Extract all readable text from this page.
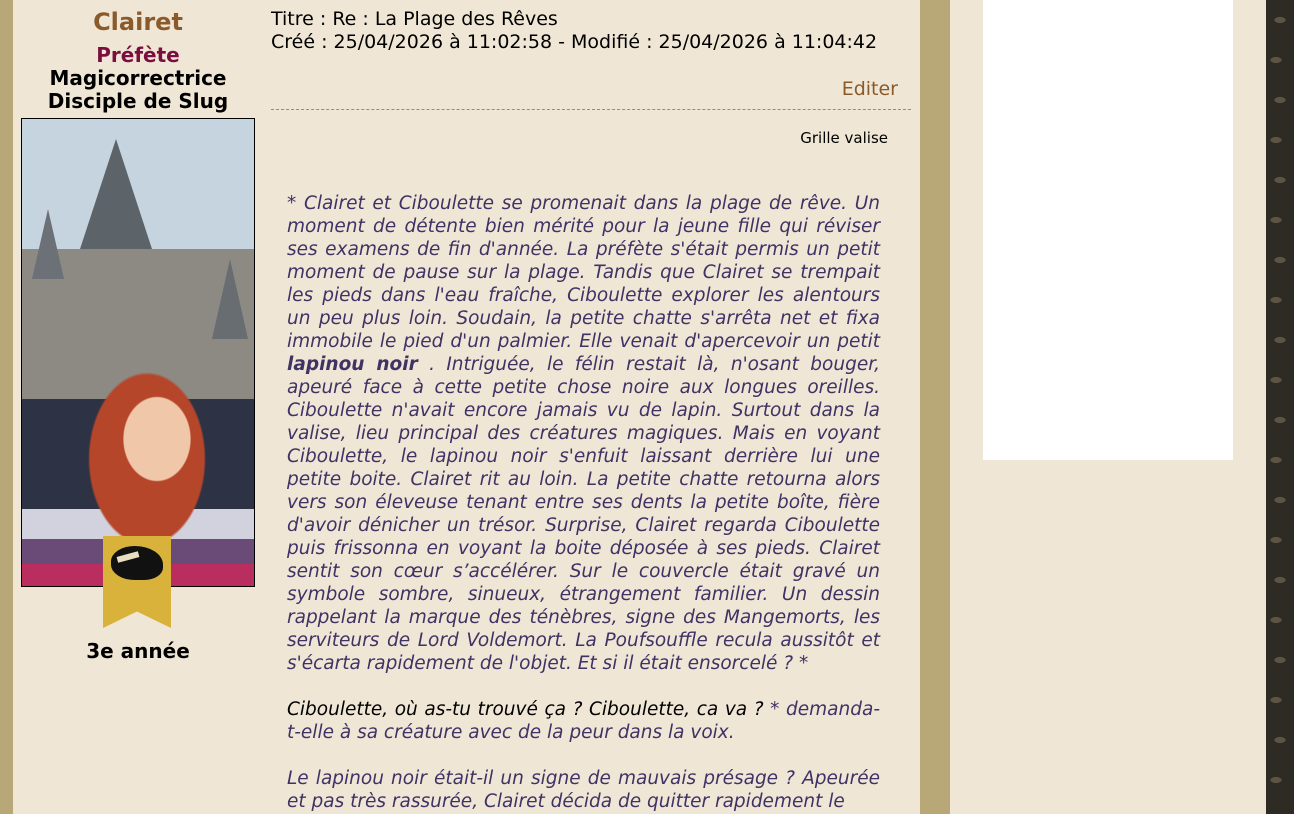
Clairet
Préfète
Magicorrectrice
Disciple de Slug
3e année
Titre : Re : La Plage des Rêves
Créé : 25/04/2026 à 11:02:58 - Modifié : 25/04/2026 à 11:04:42
Editer
Grille valise

* Clairet et Ciboulette se promenait dans la plage de rêve. Un moment de détente bien mérité pour la jeune fille qui réviser ses examens de fin d'année. La préfète s'était permis un petit moment de pause sur la plage. Tandis que Clairet se trempait les pieds dans l'eau fraîche, Ciboulette explorer les alentours un peu plus loin. Soudain, la petite chatte s'arrêta net et fixa immobile le pied d'un palmier. Elle venait d'apercevoir un petit lapinou noir . Intriguée, le félin restait là, n'osant bouger, apeuré face à cette petite chose noire aux longues oreilles. Ciboulette n'avait encore jamais vu de lapin. Surtout dans la valise, lieu principal des créatures magiques. Mais en voyant Ciboulette, le lapinou noir s'enfuit laissant derrière lui une petite boite. Clairet rit au loin. La petite chatte retourna alors vers son éleveuse tenant entre ses dents la petite boîte, fière d'avoir dénicher un trésor. Surprise, Clairet regarda Ciboulette puis frissonna en voyant la boite déposée à ses pieds. Clairet sentit son cœur s’accélérer. Sur le couvercle était gravé un symbole sombre, sinueux, étrangement familier. Un dessin rappelant la marque des ténèbres, signe des Mangemorts, les serviteurs de Lord Voldemort. La Poufsouffle recula aussitôt et s'écarta rapidement de l'objet. Et si il était ensorcelé ? *

Ciboulette, où as-tu trouvé ça ? Ciboulette, ca va ? * demanda-t-elle à sa créature avec de la peur dans la voix.

Le lapinou noir était-il un signe de mauvais présage ? Apeurée et pas très rassurée, Clairet décida de quitter rapidement le
